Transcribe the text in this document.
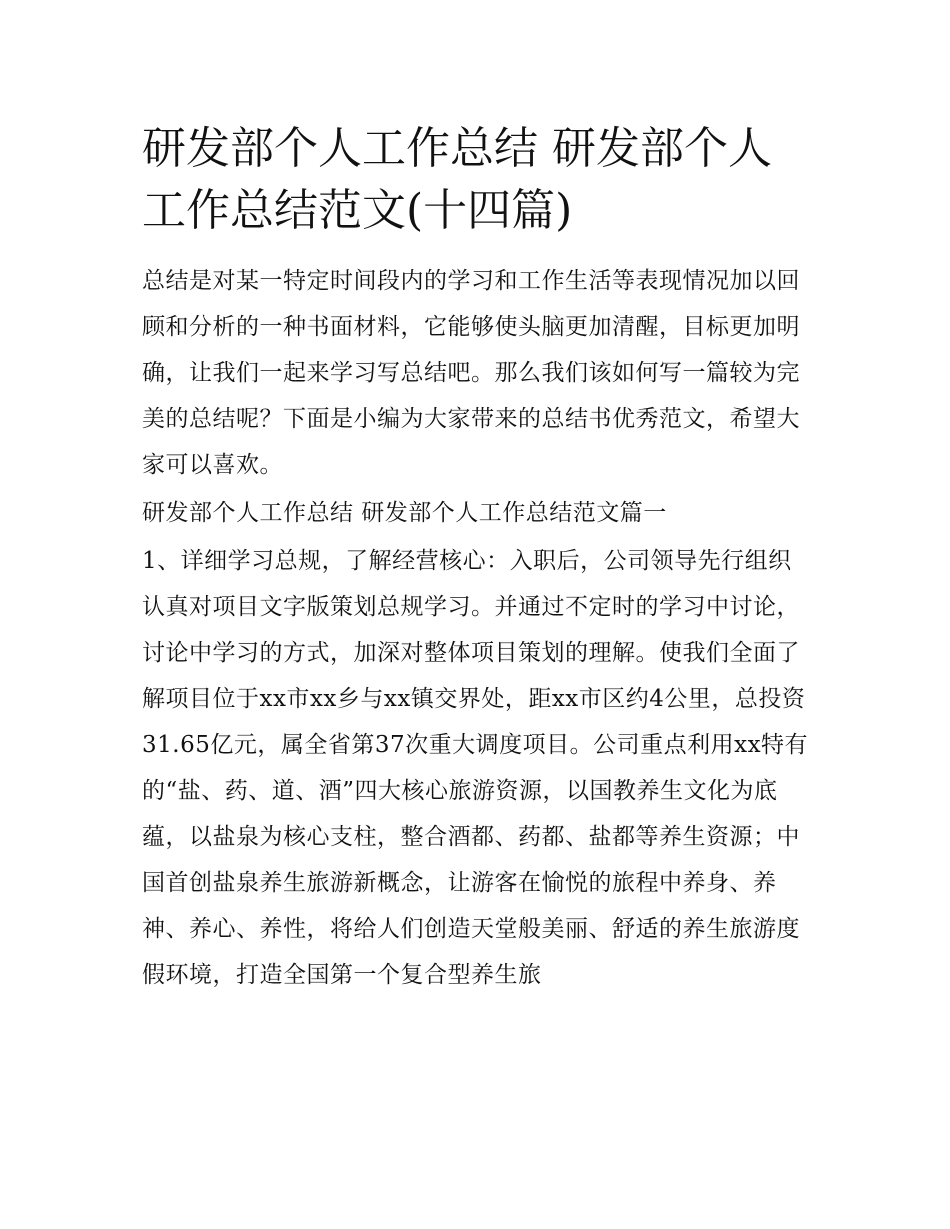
研发部个人工作总结 研发部个人工作总结范文(十四篇)

总结是对某一特定时间段内的学习和工作生活等表现情况加以回顾和分析的一种书面材料，它能够使头脑更加清醒，目标更加明确，让我们一起来学习写总结吧。那么我们该如何写一篇较为完美的总结呢？下面是小编为大家带来的总结书优秀范文，希望大家可以喜欢。

研发部个人工作总结 研发部个人工作总结范文篇一

1、详细学习总规，了解经营核心：入职后，公司领导先行组织认真对项目文字版策划总规学习。并通过不定时的学习中讨论，讨论中学习的方式，加深对整体项目策划的理解。使我们全面了解项目位于xx市xx乡与xx镇交界处，距xx市区约4公里，总投资31.65亿元，属全省第37次重大调度项目。公司重点利用xx特有的“盐、药、道、酒”四大核心旅游资源，以国教养生文化为底蕴，以盐泉为核心支柱，整合酒都、药都、盐都等养生资源；中国首创盐泉养生旅游新概念，让游客在愉悦的旅程中养身、养神、养心、养性，将给人们创造天堂般美丽、舒适的养生旅游度假环境，打造全国第一个复合型养生旅
